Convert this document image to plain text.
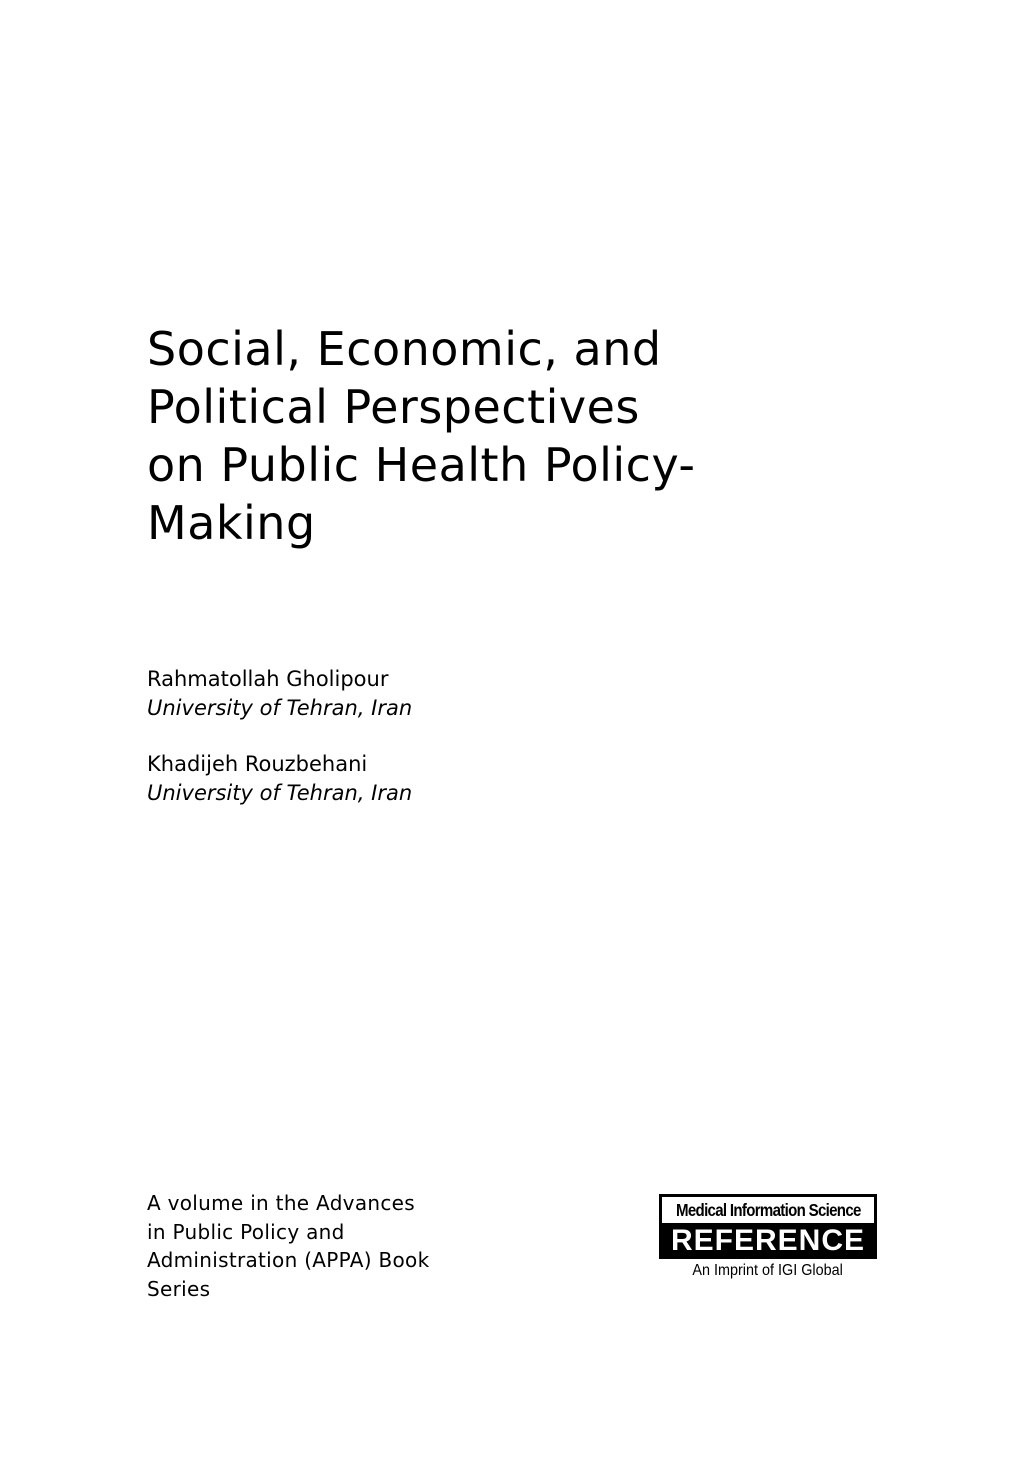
Social, Economic, and
Political Perspectives
on Public Health Policy-
Making
Rahmatollah Gholipour
University of Tehran, Iran
Khadijeh Rouzbehani
University of Tehran, Iran
A volume in the Advances
in Public Policy and
Administration (APPA) Book
Series
Medical Information Science
REFERENCE
An Imprint of IGI Global
